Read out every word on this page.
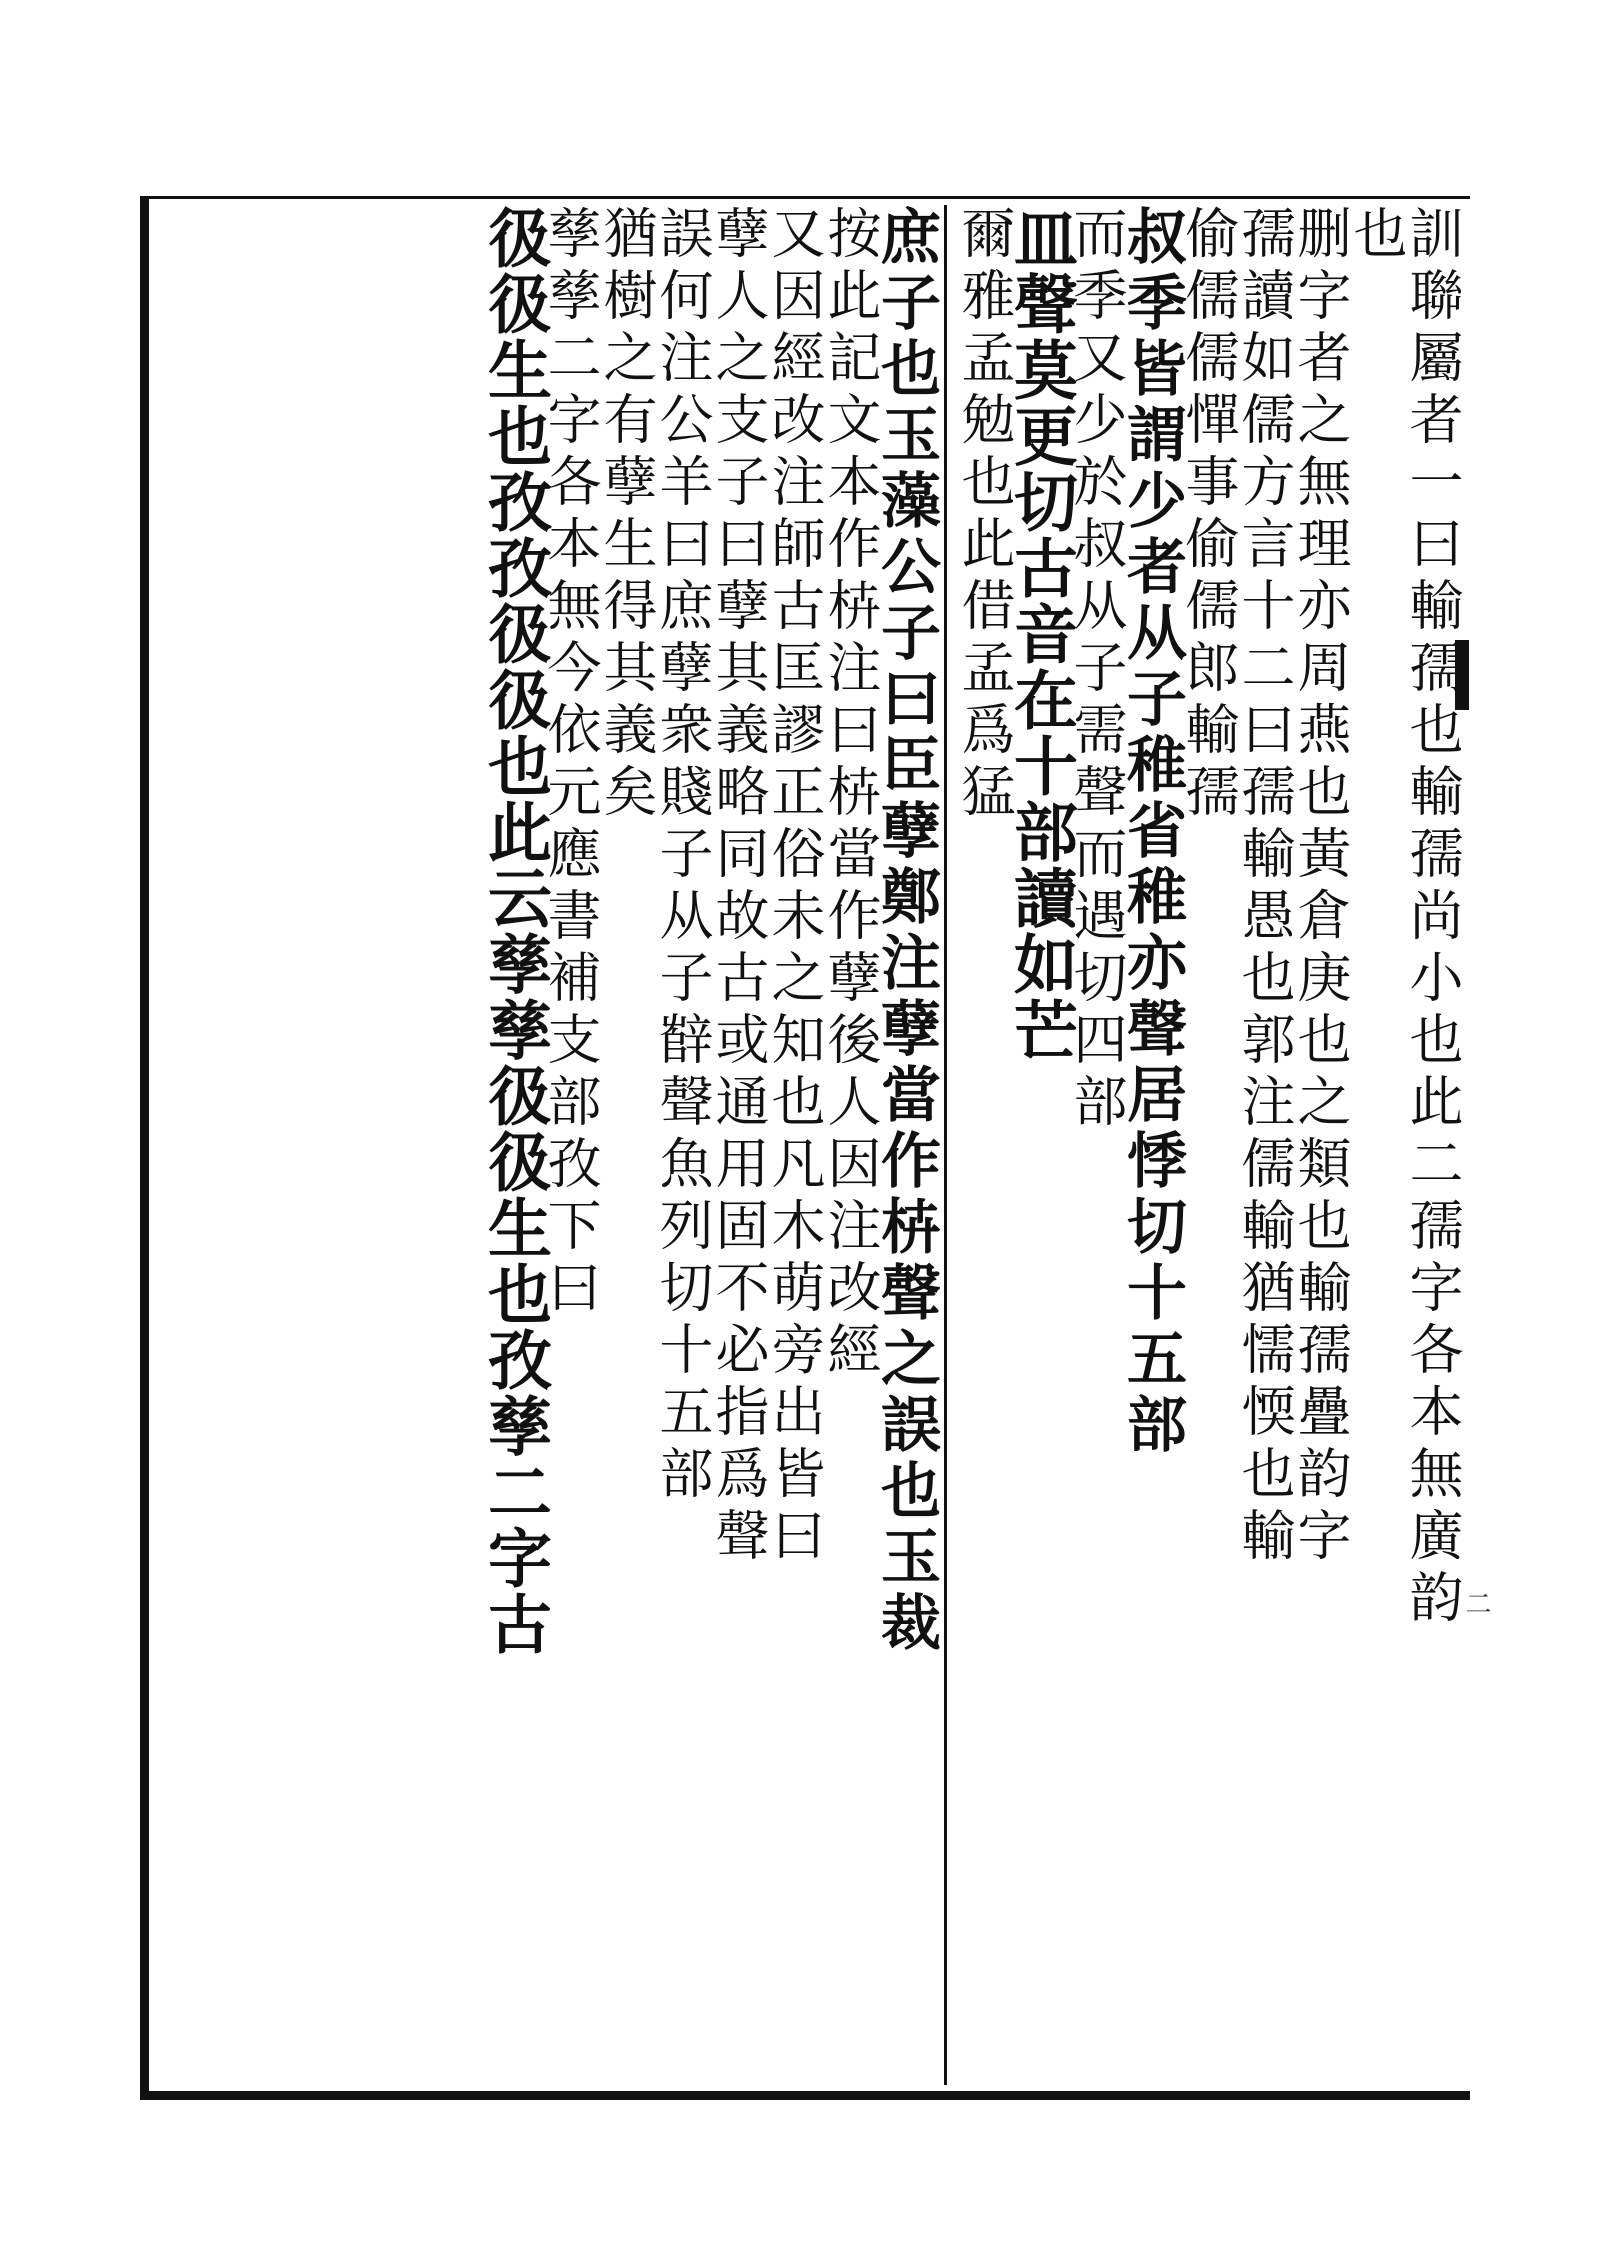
訓聯屬者一曰輸孺也輸孺尚小也此二孺字各本無廣韵
也
删字者之無理亦周燕也黃倉庚也之類也輸孺疊韵字
孺讀如儒方言十二曰孺輸愚也郭注儒輸猶懦愞也輸
偷儒儒憚事偷儒郎輸孺
叔季皆謂少者从子稚省稚亦聲居悸切十五部
而季又少於叔从子需聲而遇切四部
皿聲莫更切古音在十部讀如芒
爾雅孟勉也此借孟爲猛
庶子也玉藻公子曰臣孽鄭注孽當作枿聲之誤也玉裁
按此記文本作枿注曰枿當作孽後人因注改經
又因經改注師古匡謬正俗未之知也凡木萌旁出皆曰
孽人之支子曰孽其義略同故古或通用固不必指爲聲
誤何注公羊曰庶孽衆賤子从子辥聲魚列切十五部
猶樹之有孽生得其義矣
孳孳二字各本無今依元應書補支部孜下曰
彶彶生也孜孜彶彶也此云孳孳彶彶生也孜孳二字古	二
